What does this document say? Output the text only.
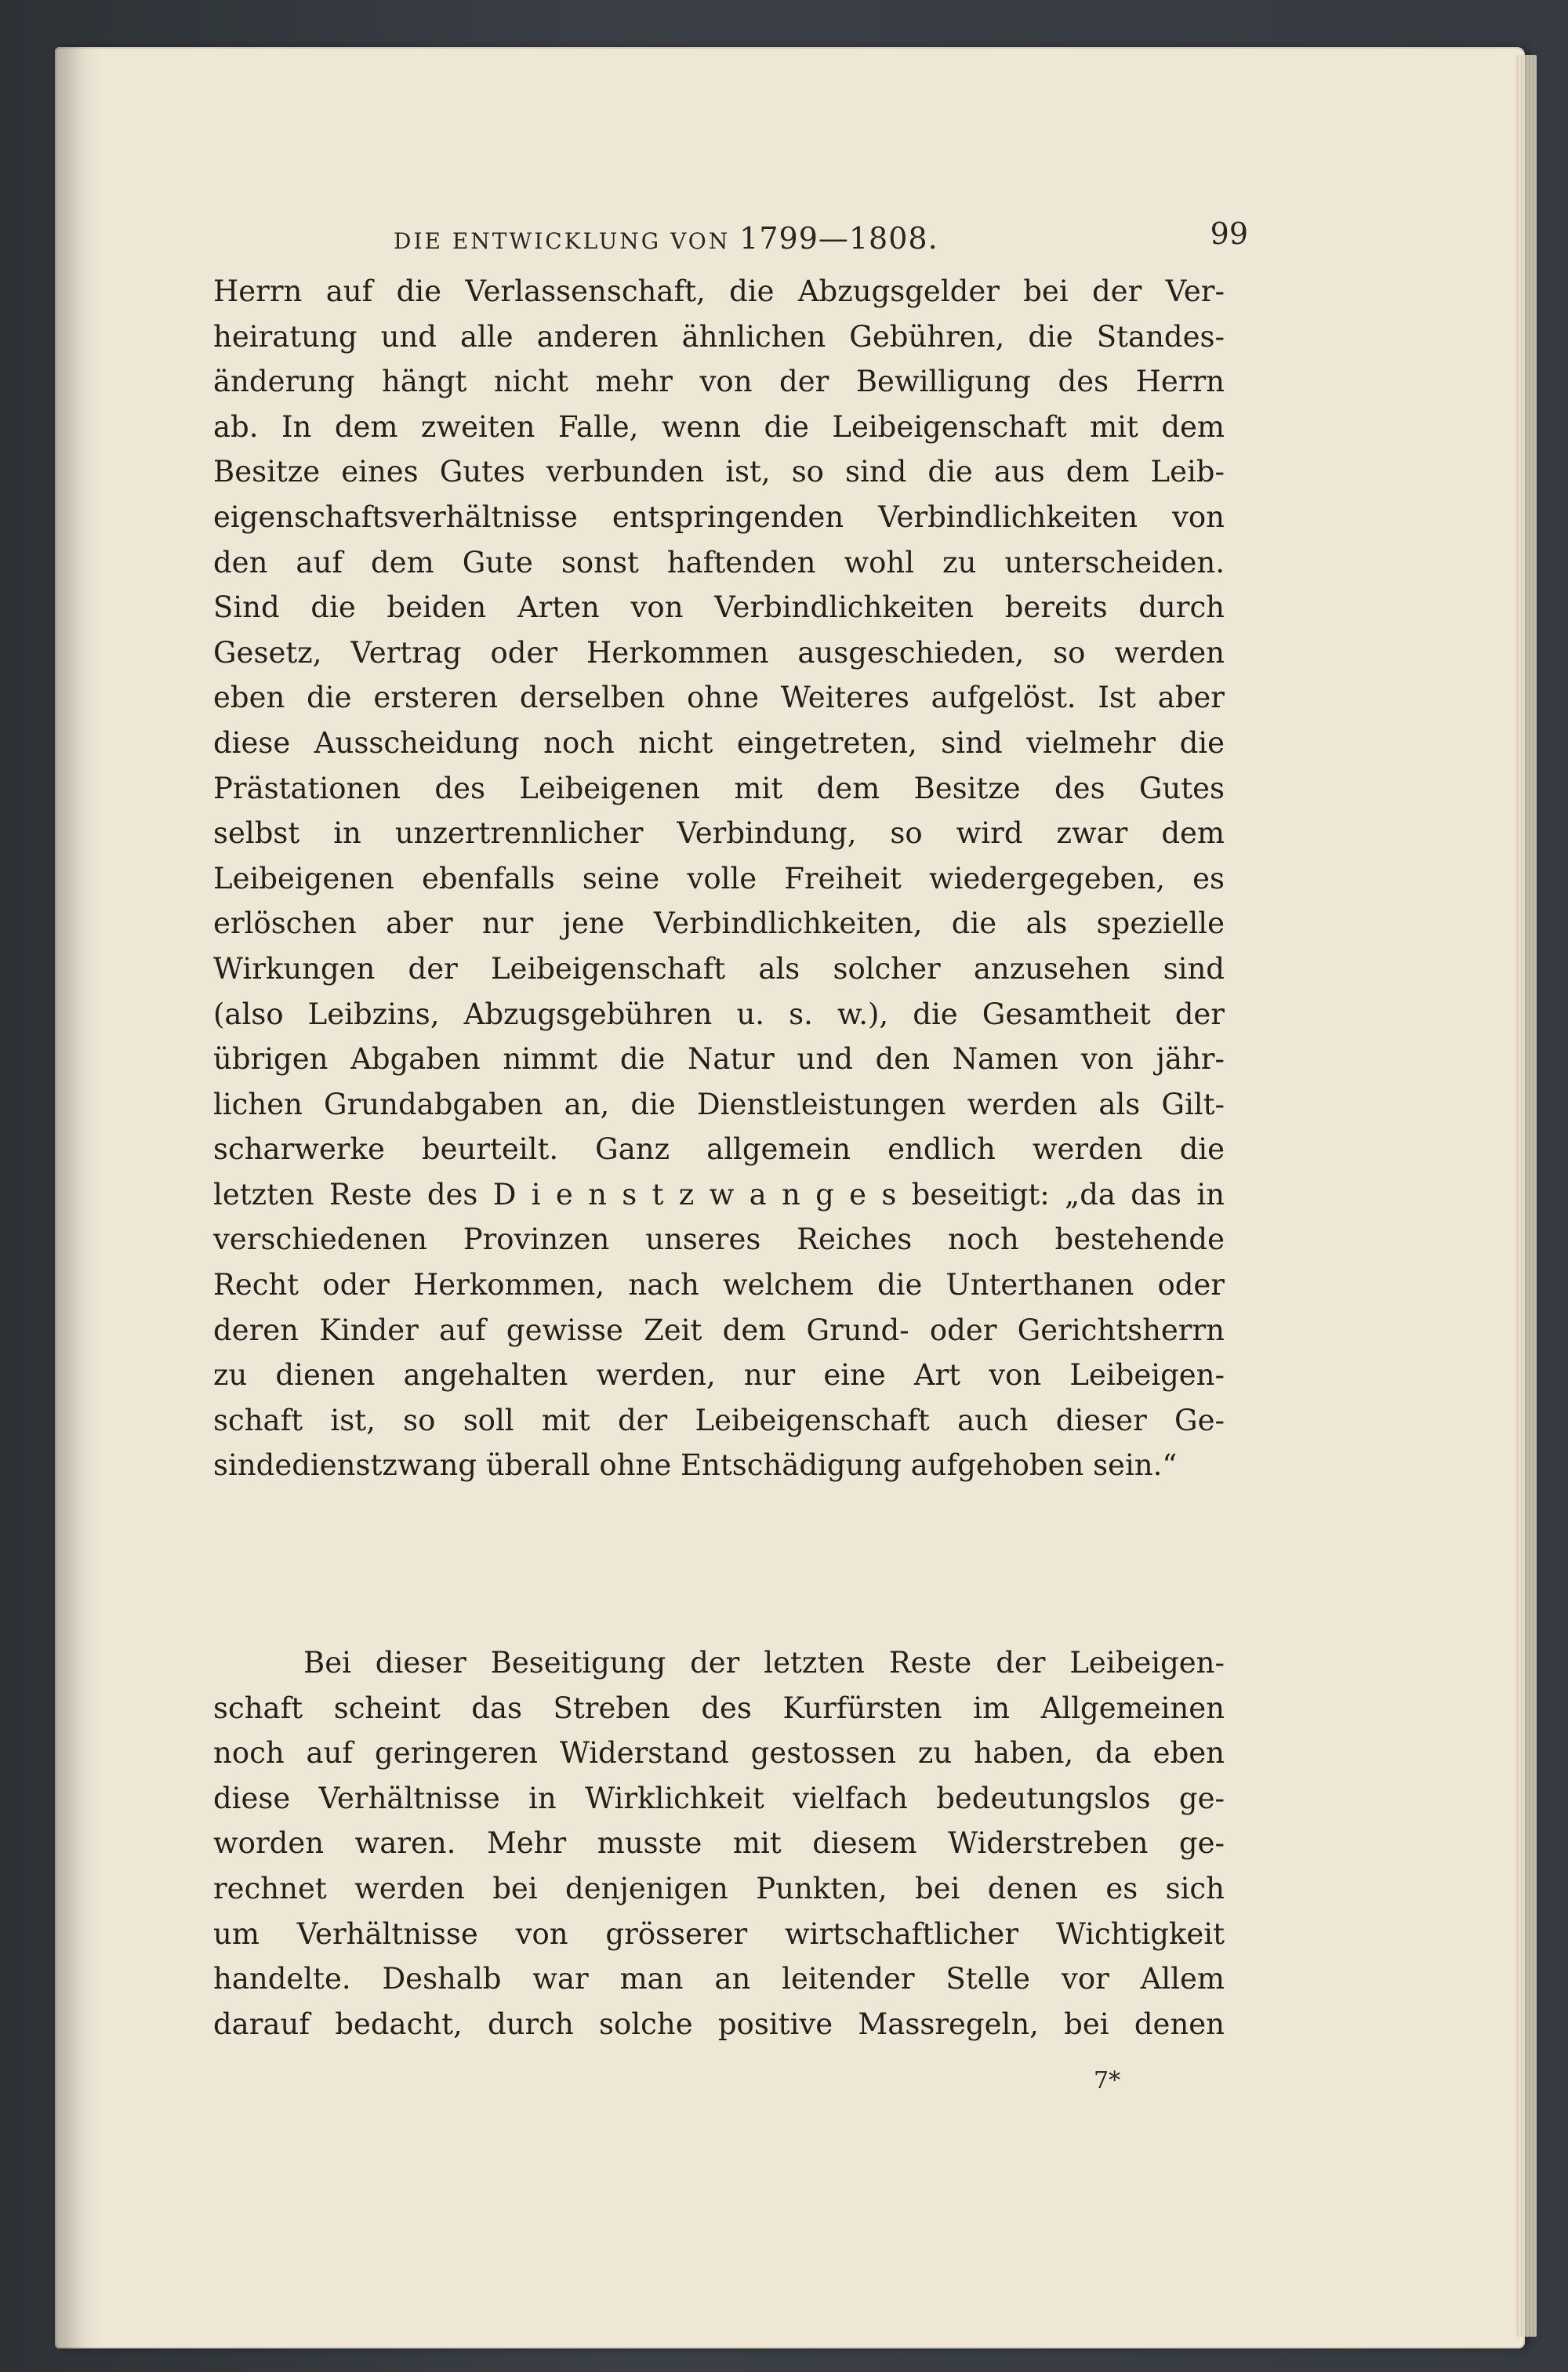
DIE ENTWICKLUNG VON 1799—1808.	99
Herrn auf die Verlassenschaft, die Abzugsgelder bei der Ver-
heiratung und alle anderen ähnlichen Gebühren, die Standes-
änderung hängt nicht mehr von der Bewilligung des Herrn
ab. In dem zweiten Falle, wenn die Leibeigenschaft mit dem
Besitze eines Gutes verbunden ist, so sind die aus dem Leib-
eigenschaftsverhältnisse entspringenden Verbindlichkeiten von
den auf dem Gute sonst haftenden wohl zu unterscheiden.
Sind die beiden Arten von Verbindlichkeiten bereits durch
Gesetz, Vertrag oder Herkommen ausgeschieden, so werden
eben die ersteren derselben ohne Weiteres aufgelöst. Ist aber
diese Ausscheidung noch nicht eingetreten, sind vielmehr die
Prästationen des Leibeigenen mit dem Besitze des Gutes
selbst in unzertrennlicher Verbindung, so wird zwar dem
Leibeigenen ebenfalls seine volle Freiheit wiedergegeben, es
erlöschen aber nur jene Verbindlichkeiten, die als spezielle
Wirkungen der Leibeigenschaft als solcher anzusehen sind
(also Leibzins, Abzugsgebühren u. s. w.), die Gesamtheit der
übrigen Abgaben nimmt die Natur und den Namen von jähr-
lichen Grundabgaben an, die Dienstleistungen werden als Gilt-
scharwerke beurteilt. Ganz allgemein endlich werden die
letzten Reste des D i e n s t z w a n g e s beseitigt: „da das in
verschiedenen Provinzen unseres Reiches noch bestehende
Recht oder Herkommen, nach welchem die Unterthanen oder
deren Kinder auf gewisse Zeit dem Grund- oder Gerichtsherrn
zu dienen angehalten werden, nur eine Art von Leibeigen-
schaft ist, so soll mit der Leibeigenschaft auch dieser Ge-
sindedienstzwang überall ohne Entschädigung aufgehoben sein.“
Bei dieser Beseitigung der letzten Reste der Leibeigen-
schaft scheint das Streben des Kurfürsten im Allgemeinen
noch auf geringeren Widerstand gestossen zu haben, da eben
diese Verhältnisse in Wirklichkeit vielfach bedeutungslos ge-
worden waren. Mehr musste mit diesem Widerstreben ge-
rechnet werden bei denjenigen Punkten, bei denen es sich
um Verhältnisse von grösserer wirtschaftlicher Wichtigkeit
handelte. Deshalb war man an leitender Stelle vor Allem
darauf bedacht, durch solche positive Massregeln, bei denen
7*
